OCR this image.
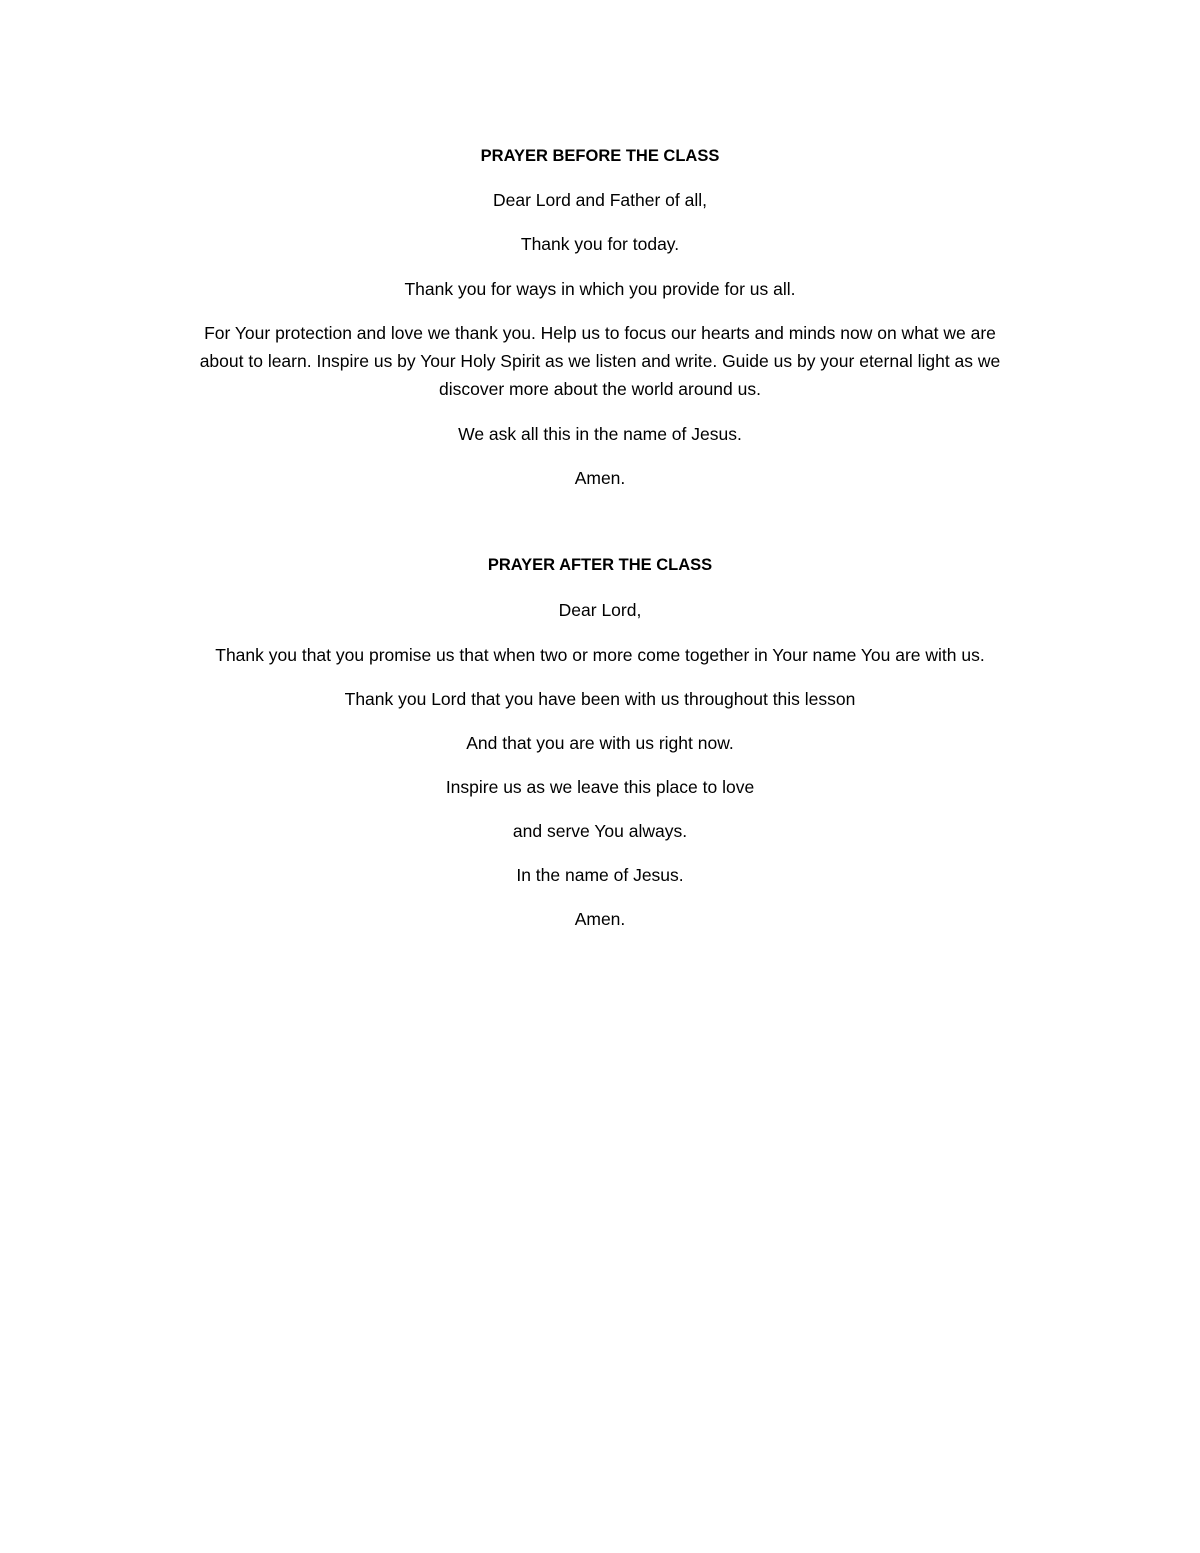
PRAYER BEFORE THE CLASS

Dear Lord and Father of all,

Thank you for today.

Thank you for ways in which you provide for us all.

For Your protection and love we thank you. Help us to focus our hearts and minds now on what we are

about to learn. Inspire us by Your Holy Spirit as we listen and write. Guide us by your eternal light as we

discover more about the world around us.

We ask all this in the name of Jesus.

Amen.

PRAYER AFTER THE CLASS

Dear Lord,

Thank you that you promise us that when two or more come together in Your name You are with us.

Thank you Lord that you have been with us throughout this lesson

And that you are with us right now.

Inspire us as we leave this place to love

and serve You always.

In the name of Jesus.

Amen.
